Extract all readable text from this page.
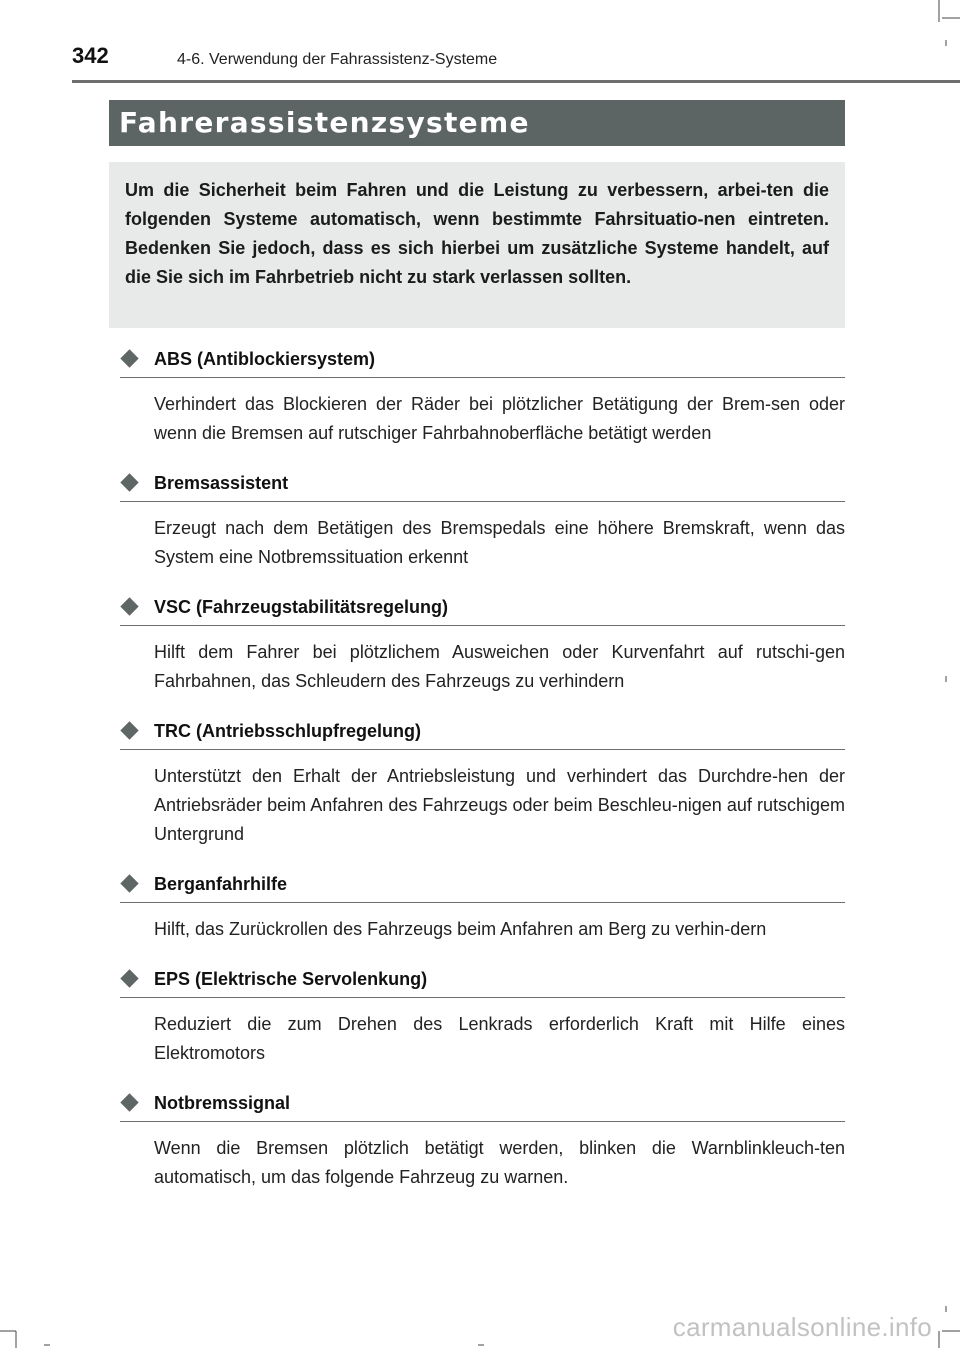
342	4-6. Verwendung der Fahrassistenz-Systeme
Fahrerassistenzsysteme

Um die Sicherheit beim Fahren und die Leistung zu verbessern, arbei-ten die folgenden Systeme automatisch, wenn bestimmte Fahrsituatio-nen eintreten. Bedenken Sie jedoch, dass es sich hierbei um zusätzliche Systeme handelt, auf die Sie sich im Fahrbetrieb nicht zu stark verlassen sollten.

ABS (Antiblockiersystem)

Verhindert das Blockieren der Räder bei plötzlicher Betätigung der Brem-sen oder wenn die Bremsen auf rutschiger Fahrbahnoberfläche betätigt werden

Bremsassistent

Erzeugt nach dem Betätigen des Bremspedals eine höhere Bremskraft, wenn das System eine Notbremssituation erkennt

VSC (Fahrzeugstabilitätsregelung)

Hilft dem Fahrer bei plötzlichem Ausweichen oder Kurvenfahrt auf rutschi-gen Fahrbahnen, das Schleudern des Fahrzeugs zu verhindern

TRC (Antriebsschlupfregelung)

Unterstützt den Erhalt der Antriebsleistung und verhindert das Durchdre-hen der Antriebsräder beim Anfahren des Fahrzeugs oder beim Beschleu-nigen auf rutschigem Untergrund

Berganfahrhilfe

Hilft, das Zurückrollen des Fahrzeugs beim Anfahren am Berg zu verhin-dern

EPS (Elektrische Servolenkung)

Reduziert die zum Drehen des Lenkrads erforderlich Kraft mit Hilfe eines Elektromotors

Notbremssignal

Wenn die Bremsen plötzlich betätigt werden, blinken die Warnblinkleuch-ten automatisch, um das folgende Fahrzeug zu warnen.

carmanualsonline.info
